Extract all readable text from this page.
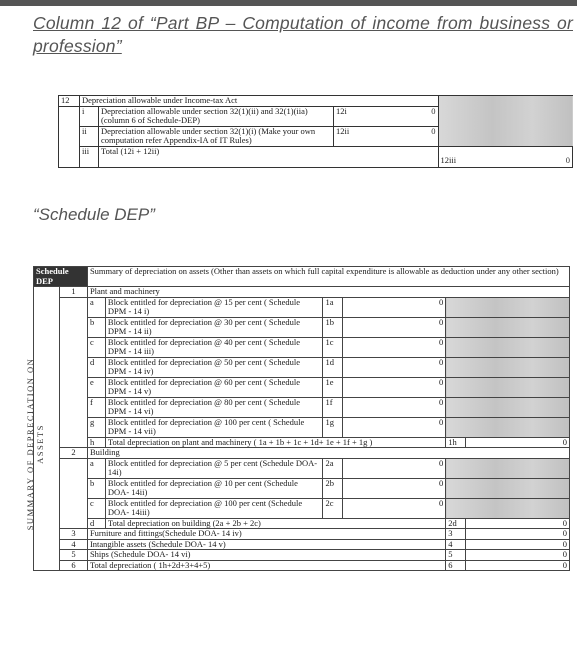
Column 12 of “Part BP – Computation of income from business or profession”
12	Depreciation allowable under Income-tax Act			
	i	Depreciation allowable under section 32(1)(ii) and 32(1)(iia) (column 6 of Schedule-DEP)	12i 0	

	ii	Depreciation allowable under section 32(1)(i) (Make your own computation refer Appendix-IA of IT Rules)	12ii 0	

	iii	Total (12i + 12ii)		12iii 0
“Schedule DEP”
SUMMARY OF DEPRECIATION ON ASSETS
Schedule DEP		Summary of depreciation on assets (Other than assets on which full capital expenditure is allowable as deduction under any other section)					
	1	Plant and machinery					
		a	Block entitled for depreciation @ 15 per cent ( Schedule DPM - 14 i)	1a	0		
		b	Block entitled for depreciation @ 30 per cent ( Schedule DPM - 14 ii)	1b	0		
		c	Block entitled for depreciation @ 40 per cent ( Schedule DPM - 14 iii)	1c	0		
		d	Block entitled for depreciation @ 50 per cent ( Schedule DPM - 14 iv)	1d	0		
		e	Block entitled for depreciation @ 60 per cent ( Schedule DPM - 14 v)	1e	0		
		f	Block entitled for depreciation @ 80 per cent ( Schedule DPM - 14 vi)	1f	0		
		g	Block entitled for depreciation @ 100 per cent ( Schedule DPM - 14 vii)	1g	0		
		h	Total depreciation on plant and machinery ( 1a + 1b + 1c + 1d+ 1e + 1f + 1g )			1h	0
	2	Building					
		a	Block entitled for depreciation @ 5 per cent (Schedule DOA- 14i)	2a	0		
		b	Block entitled for depreciation @ 10 per cent (Schedule DOA- 14ii)	2b	0		
		c	Block entitled for depreciation @ 100 per cent (Schedule DOA- 14iii)	2c	0		
		d	Total depreciation on building (2a + 2b + 2c)			2d	0
	3	Furniture and fittings(Schedule DOA- 14 iv)				3	0
	4	Intangible assets (Schedule DOA- 14 v)				4	0
	5	Ships (Schedule DOA- 14 vi)				5	0
	6	Total depreciation ( 1h+2d+3+4+5)				6	0
